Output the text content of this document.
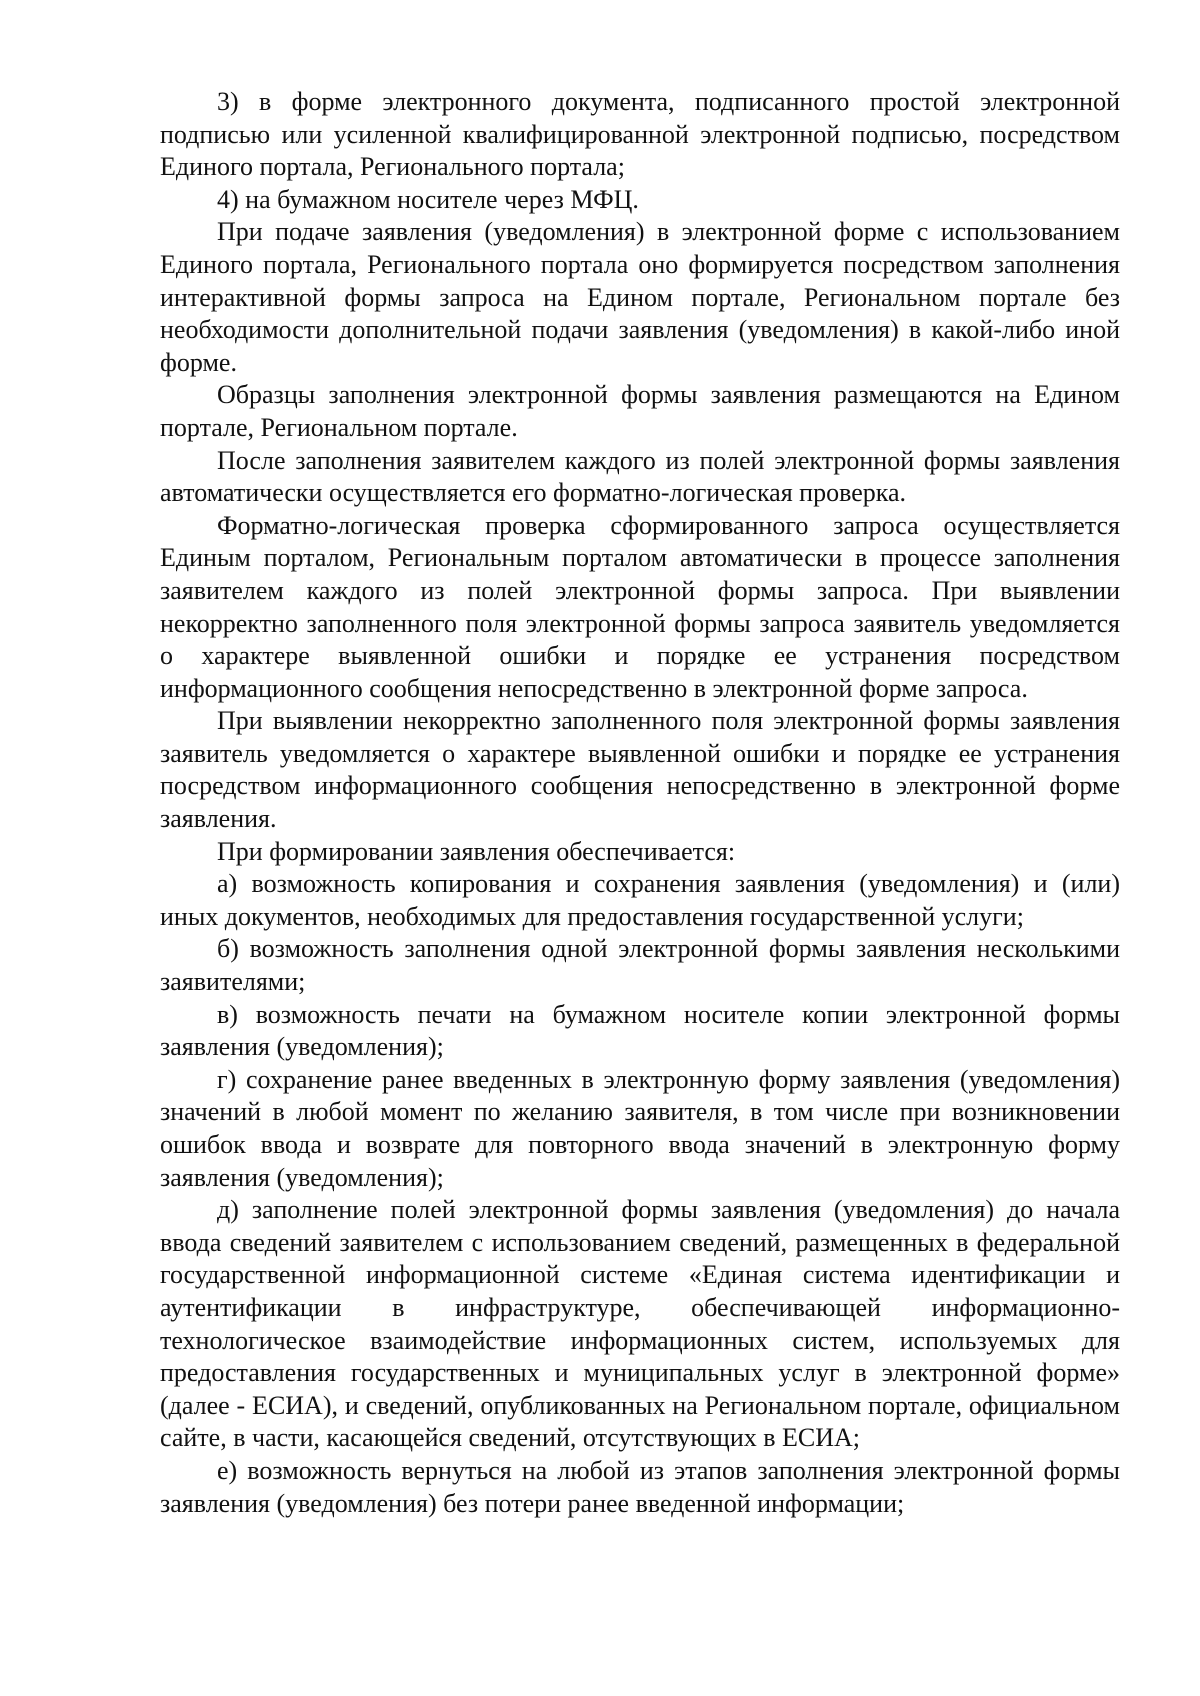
3) в форме электронного документа, подписанного простой электронной подписью или усиленной квалифицированной электронной подписью, посредством Единого портала, Регионального портала;

4) на бумажном носителе через МФЦ.

При подаче заявления (уведомления) в электронной форме с использованием Единого портала, Регионального портала оно формируется посредством заполнения интерактивной формы запроса на Едином портале, Региональном портале без необходимости дополнительной подачи заявления (уведомления) в какой-либо иной форме.

Образцы заполнения электронной формы заявления размещаются на Едином портале, Региональном портале.

После заполнения заявителем каждого из полей электронной формы заявления автоматически осуществляется его форматно-логическая проверка.

Форматно-логическая проверка сформированного запроса осуществляется Единым порталом, Региональным порталом автоматически в процессе заполнения заявителем каждого из полей электронной формы запроса. При выявлении некорректно заполненного поля электронной формы запроса заявитель уведомляется о характере выявленной ошибки и порядке ее устранения посредством информационного сообщения непосредственно в электронной форме запроса.

При выявлении некорректно заполненного поля электронной формы заявления заявитель уведомляется о характере выявленной ошибки и порядке ее устранения посредством информационного сообщения непосредственно в электронной форме заявления.

При формировании заявления обеспечивается:

а) возможность копирования и сохранения заявления (уведомления) и (или) иных документов, необходимых для предоставления государственной услуги;

б) возможность заполнения одной электронной формы заявления несколькими заявителями;

в) возможность печати на бумажном носителе копии электронной формы заявления (уведомления);

г) сохранение ранее введенных в электронную форму заявления (уведомления) значений в любой момент по желанию заявителя, в том числе при возникновении ошибок ввода и возврате для повторного ввода значений в электронную форму заявления (уведомления);

д) заполнение полей электронной формы заявления (уведомления) до начала ввода сведений заявителем с использованием сведений, размещенных в федеральной государственной информационной системе «Единая система идентификации и аутентификации в инфраструктуре, обеспечивающей информационно-технологическое взаимодействие информационных систем, используемых для предоставления государственных и муниципальных услуг в электронной форме» (далее - ЕСИА), и сведений, опубликованных на Региональном портале, официальном сайте, в части, касающейся сведений, отсутствующих в ЕСИА;

е) возможность вернуться на любой из этапов заполнения электронной формы заявления (уведомления) без потери ранее введенной информации;
